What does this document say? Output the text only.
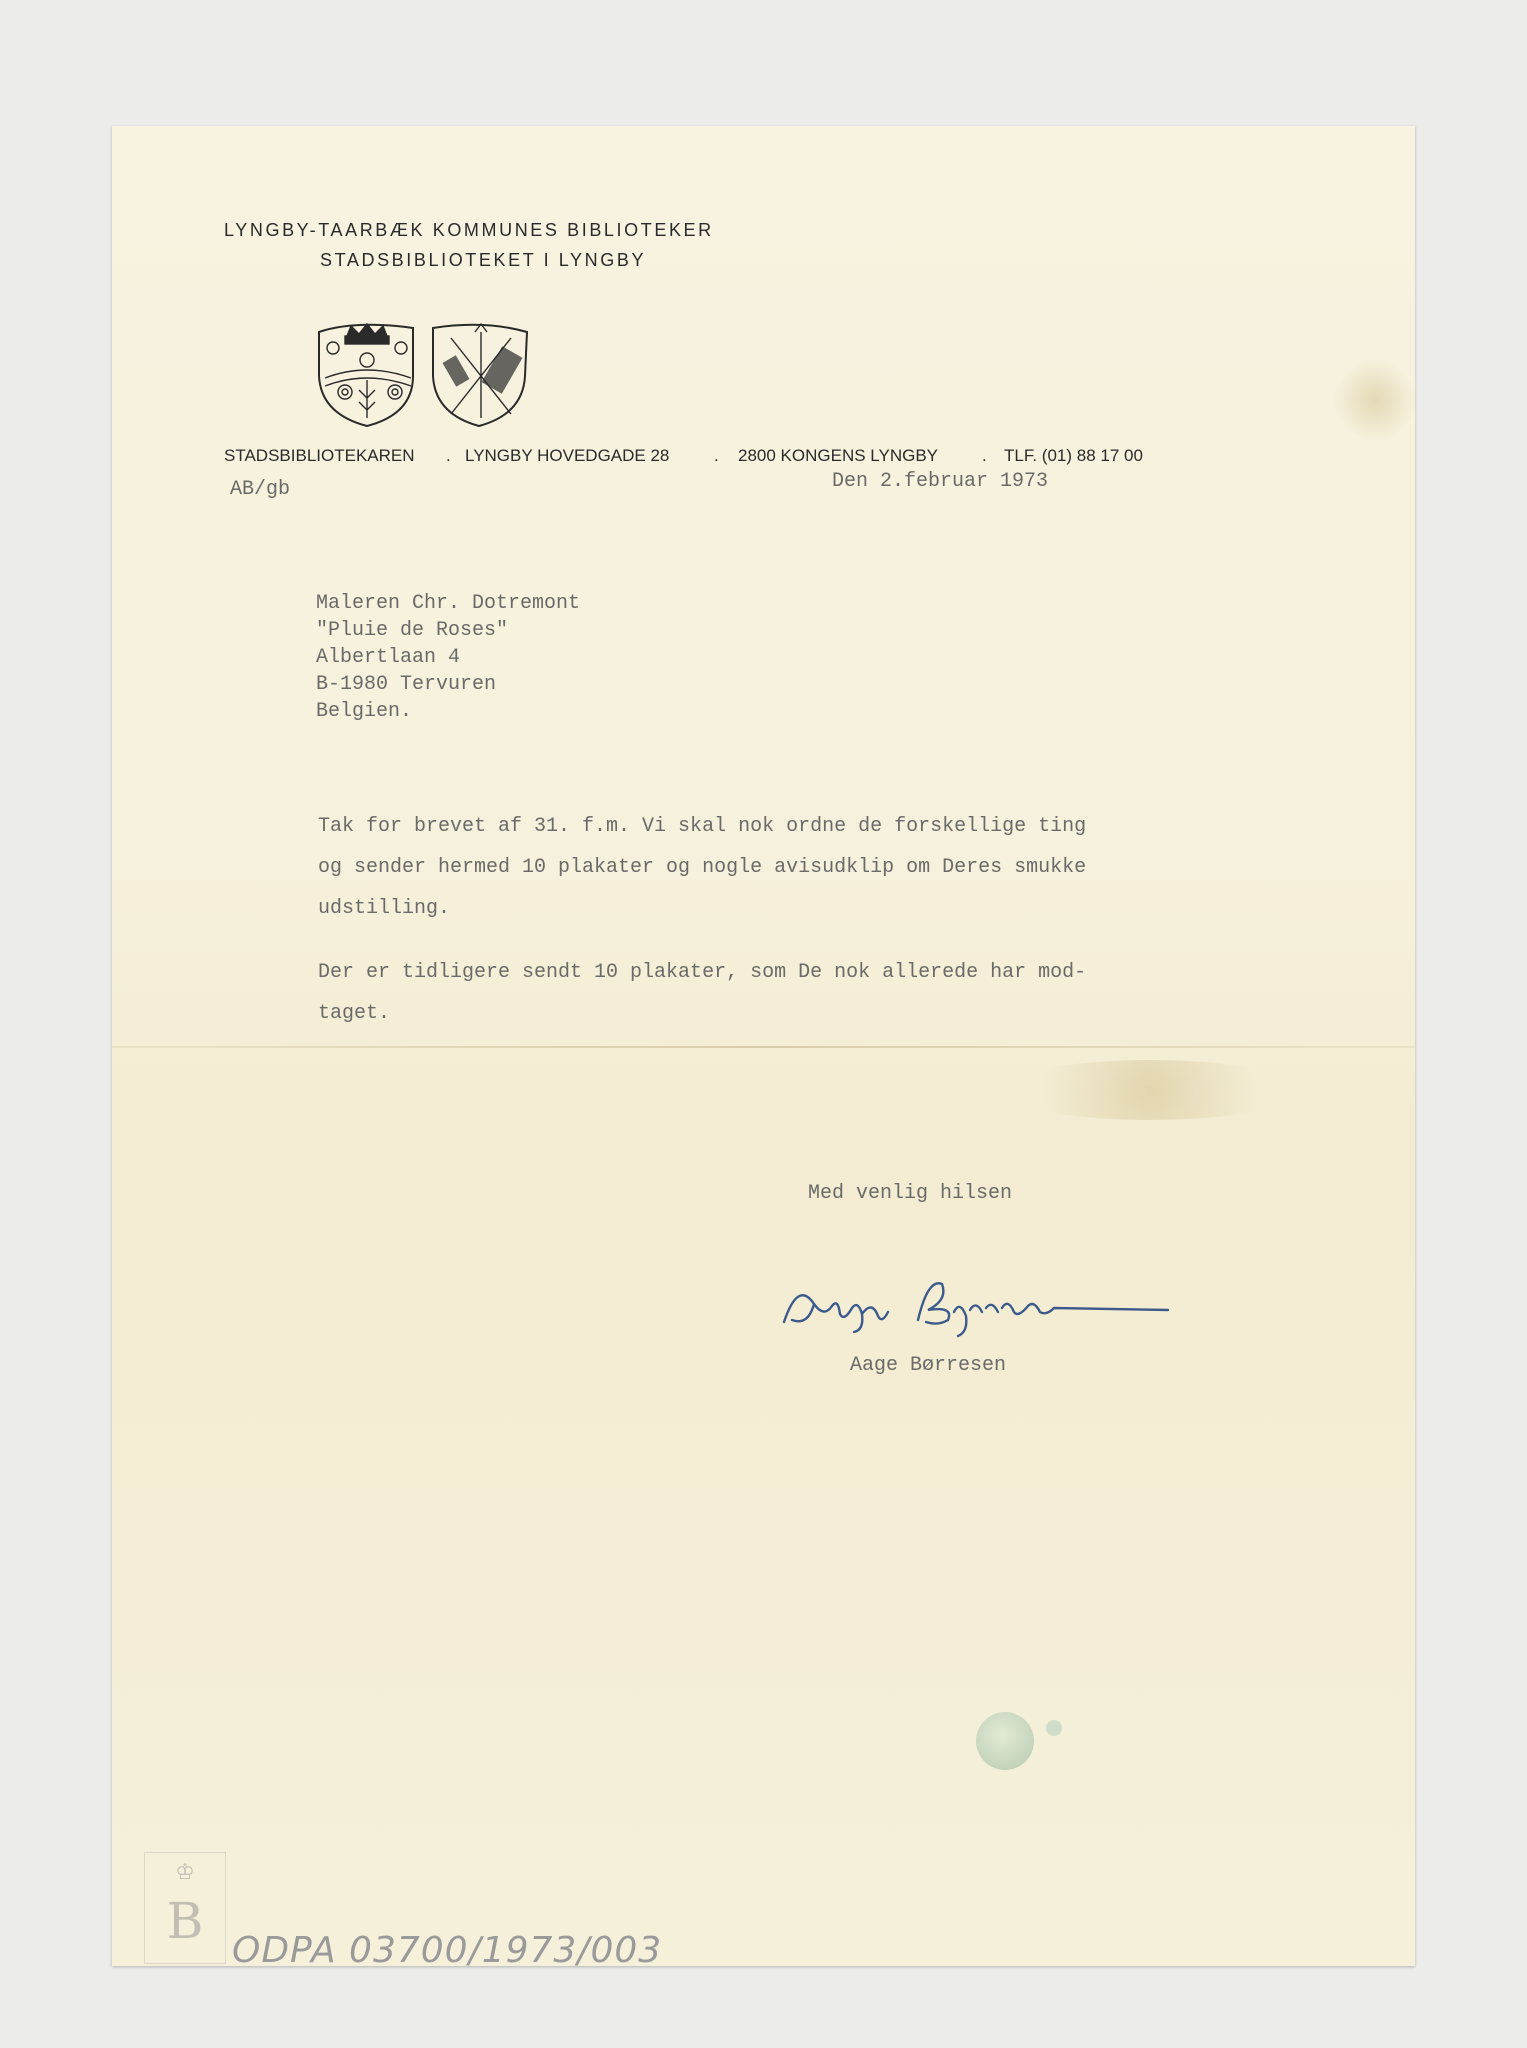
LYNGBY-TAARBÆK KOMMUNES BIBLIOTEKER
STADSBIBLIOTEKET I LYNGBY
STADSBIBLIOTEKAREN . LYNGBY HOVEDGADE 28	. 2800 KONGENS LYNGBY	. TLF. (01) 88 17 00
AB/gb	Den 2.februar 1973
Maleren Chr. Dotremont
"Pluie de Roses"
Albertlaan 4
B-1980 Tervuren
Belgien.
Tak for brevet af 31. f.m. Vi skal nok ordne de forskellige ting
og sender hermed 10 plakater og nogle avisudklip om Deres smukke
udstilling.
Der er tidligere sendt 10 plakater, som De nok allerede har mod-
taget.
Med venlig hilsen
Aage Børresen
♔
B
ODPA 03700/1973/003
